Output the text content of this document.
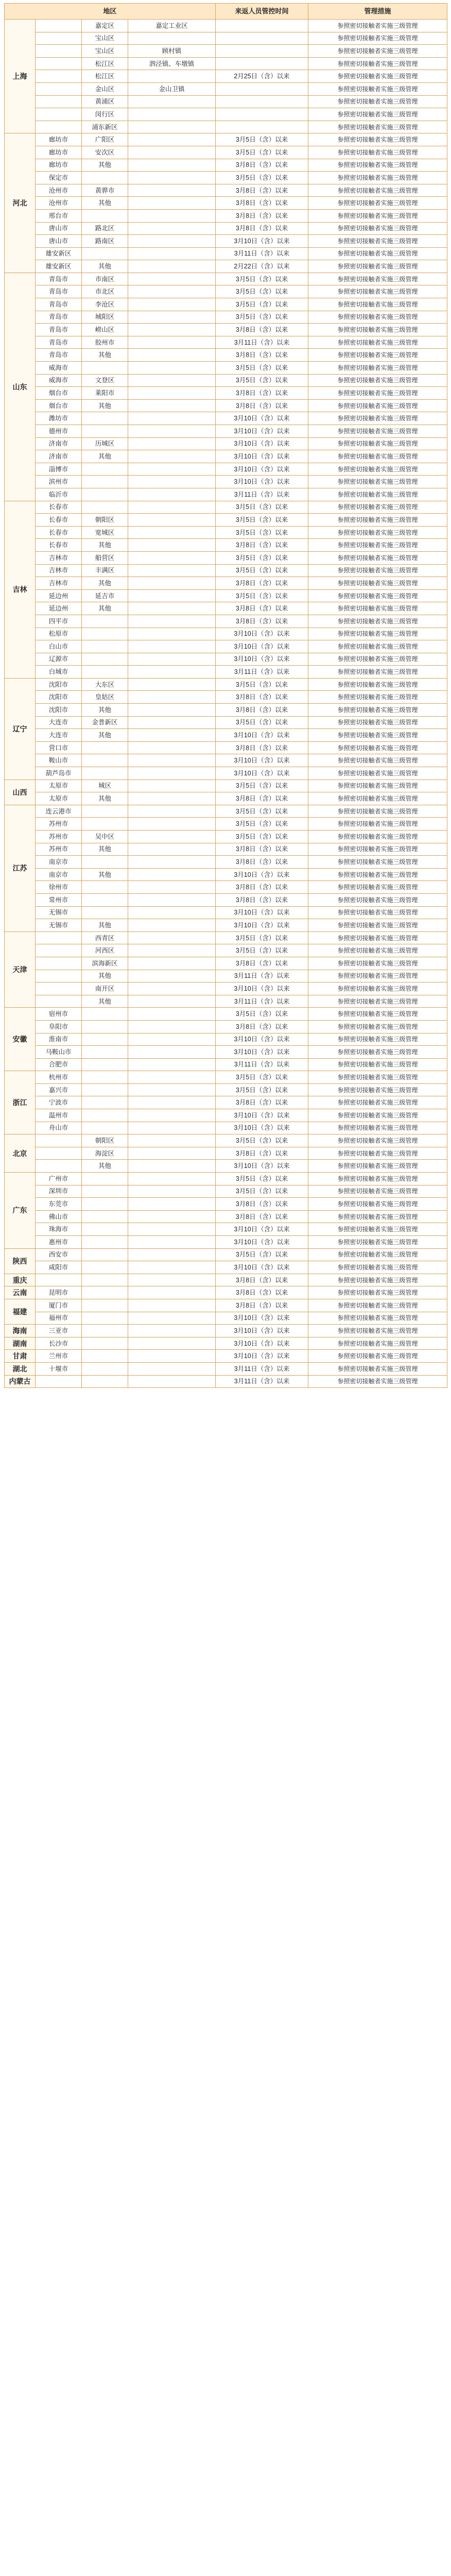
地区				来返人员管控时间	管理措施
上海		嘉定区	嘉定工业区		参照密切接触者实施三级管理
		宝山区			参照密切接触者实施三级管理
		宝山区	顾村镇		参照密切接触者实施三级管理
		松江区	泗泾镇、车墩镇		参照密切接触者实施三级管理
		松江区		2月25日（含）以来	参照密切接触者实施三级管理
		金山区	金山卫镇		参照密切接触者实施三级管理
		黄浦区			参照密切接触者实施三级管理
		闵行区			参照密切接触者实施三级管理
		浦东新区			参照密切接触者实施三级管理
河北	廊坊市	广阳区		3月5日（含）以来	参照密切接触者实施三级管理
	廊坊市	安次区		3月5日（含）以来	参照密切接触者实施三级管理
	廊坊市	其他		3月8日（含）以来	参照密切接触者实施三级管理
	保定市			3月5日（含）以来	参照密切接触者实施三级管理
	沧州市	黄骅市		3月8日（含）以来	参照密切接触者实施三级管理
	沧州市	其他		3月8日（含）以来	参照密切接触者实施三级管理
	邢台市			3月8日（含）以来	参照密切接触者实施三级管理
	唐山市	路北区		3月8日（含）以来	参照密切接触者实施三级管理
	唐山市	路南区		3月10日（含）以来	参照密切接触者实施三级管理
	雄安新区			3月11日（含）以来	参照密切接触者实施三级管理
	雄安新区	其他		2月22日（含）以来	参照密切接触者实施三级管理
山东	青岛市	市南区		3月5日（含）以来	参照密切接触者实施三级管理
	青岛市	市北区		3月5日（含）以来	参照密切接触者实施三级管理
	青岛市	李沧区		3月5日（含）以来	参照密切接触者实施三级管理
	青岛市	城阳区		3月5日（含）以来	参照密切接触者实施三级管理
	青岛市	崂山区		3月8日（含）以来	参照密切接触者实施三级管理
	青岛市	胶州市		3月11日（含）以来	参照密切接触者实施三级管理
	青岛市	其他		3月8日（含）以来	参照密切接触者实施三级管理
	威海市			3月5日（含）以来	参照密切接触者实施三级管理
	威海市	文登区		3月5日（含）以来	参照密切接触者实施三级管理
	烟台市	莱阳市		3月8日（含）以来	参照密切接触者实施三级管理
	烟台市	其他		3月8日（含）以来	参照密切接触者实施三级管理
	潍坊市			3月10日（含）以来	参照密切接触者实施三级管理
	德州市			3月10日（含）以来	参照密切接触者实施三级管理
	济南市	历城区		3月10日（含）以来	参照密切接触者实施三级管理
	济南市	其他		3月10日（含）以来	参照密切接触者实施三级管理
	淄博市			3月10日（含）以来	参照密切接触者实施三级管理
	滨州市			3月10日（含）以来	参照密切接触者实施三级管理
	临沂市			3月11日（含）以来	参照密切接触者实施三级管理
吉林	长春市			3月5日（含）以来	参照密切接触者实施三级管理
	长春市	朝阳区		3月5日（含）以来	参照密切接触者实施三级管理
	长春市	宽城区		3月5日（含）以来	参照密切接触者实施三级管理
	长春市	其他		3月8日（含）以来	参照密切接触者实施三级管理
	吉林市	船营区		3月5日（含）以来	参照密切接触者实施三级管理
	吉林市	丰满区		3月5日（含）以来	参照密切接触者实施三级管理
	吉林市	其他		3月8日（含）以来	参照密切接触者实施三级管理
	延边州	延吉市		3月5日（含）以来	参照密切接触者实施三级管理
	延边州	其他		3月8日（含）以来	参照密切接触者实施三级管理
	四平市			3月8日（含）以来	参照密切接触者实施三级管理
	松原市			3月10日（含）以来	参照密切接触者实施三级管理
	白山市			3月10日（含）以来	参照密切接触者实施三级管理
	辽源市			3月10日（含）以来	参照密切接触者实施三级管理
	白城市			3月11日（含）以来	参照密切接触者实施三级管理
辽宁	沈阳市	大东区		3月5日（含）以来	参照密切接触者实施三级管理
	沈阳市	皇姑区		3月8日（含）以来	参照密切接触者实施三级管理
	沈阳市	其他		3月8日（含）以来	参照密切接触者实施三级管理
	大连市	金普新区		3月5日（含）以来	参照密切接触者实施三级管理
	大连市	其他		3月10日（含）以来	参照密切接触者实施三级管理
	营口市			3月8日（含）以来	参照密切接触者实施三级管理
	鞍山市			3月10日（含）以来	参照密切接触者实施三级管理
	葫芦岛市			3月10日（含）以来	参照密切接触者实施三级管理
山西	太原市	城区		3月5日（含）以来	参照密切接触者实施三级管理
	太原市	其他		3月8日（含）以来	参照密切接触者实施三级管理
江苏	连云港市			3月5日（含）以来	参照密切接触者实施三级管理
	苏州市			3月5日（含）以来	参照密切接触者实施三级管理
	苏州市	吴中区		3月5日（含）以来	参照密切接触者实施三级管理
	苏州市	其他		3月8日（含）以来	参照密切接触者实施三级管理
	南京市			3月8日（含）以来	参照密切接触者实施三级管理
	南京市	其他		3月10日（含）以来	参照密切接触者实施三级管理
	徐州市			3月8日（含）以来	参照密切接触者实施三级管理
	常州市			3月8日（含）以来	参照密切接触者实施三级管理
	无锡市			3月10日（含）以来	参照密切接触者实施三级管理
	无锡市	其他		3月10日（含）以来	参照密切接触者实施三级管理
天津		西青区		3月5日（含）以来	参照密切接触者实施三级管理
		河西区		3月5日（含）以来	参照密切接触者实施三级管理
		滨海新区		3月8日（含）以来	参照密切接触者实施三级管理
		其他		3月11日（含）以来	参照密切接触者实施三级管理
		南开区		3月10日（含）以来	参照密切接触者实施三级管理
		其他		3月11日（含）以来	参照密切接触者实施三级管理
安徽	宿州市			3月5日（含）以来	参照密切接触者实施三级管理
	阜阳市			3月8日（含）以来	参照密切接触者实施三级管理
	淮南市			3月10日（含）以来	参照密切接触者实施三级管理
	马鞍山市			3月10日（含）以来	参照密切接触者实施三级管理
	合肥市			3月11日（含）以来	参照密切接触者实施三级管理
浙江	杭州市			3月5日（含）以来	参照密切接触者实施三级管理
	嘉兴市			3月5日（含）以来	参照密切接触者实施三级管理
	宁波市			3月8日（含）以来	参照密切接触者实施三级管理
	温州市			3月10日（含）以来	参照密切接触者实施三级管理
	舟山市			3月10日（含）以来	参照密切接触者实施三级管理
北京		朝阳区		3月5日（含）以来	参照密切接触者实施三级管理
		海淀区		3月8日（含）以来	参照密切接触者实施三级管理
		其他		3月10日（含）以来	参照密切接触者实施三级管理
广东	广州市			3月5日（含）以来	参照密切接触者实施三级管理
	深圳市			3月5日（含）以来	参照密切接触者实施三级管理
	东莞市			3月8日（含）以来	参照密切接触者实施三级管理
	佛山市			3月8日（含）以来	参照密切接触者实施三级管理
	珠海市			3月10日（含）以来	参照密切接触者实施三级管理
	惠州市			3月10日（含）以来	参照密切接触者实施三级管理
陕西	西安市			3月5日（含）以来	参照密切接触者实施三级管理
	咸阳市			3月10日（含）以来	参照密切接触者实施三级管理
重庆				3月8日（含）以来	参照密切接触者实施三级管理
云南	昆明市			3月8日（含）以来	参照密切接触者实施三级管理
福建	厦门市			3月8日（含）以来	参照密切接触者实施三级管理
	福州市			3月10日（含）以来	参照密切接触者实施三级管理
海南	三亚市			3月10日（含）以来	参照密切接触者实施三级管理
湖南	长沙市			3月10日（含）以来	参照密切接触者实施三级管理
甘肃	兰州市			3月10日（含）以来	参照密切接触者实施三级管理
湖北	十堰市			3月11日（含）以来	参照密切接触者实施三级管理
内蒙古				3月11日（含）以来	参照密切接触者实施三级管理
